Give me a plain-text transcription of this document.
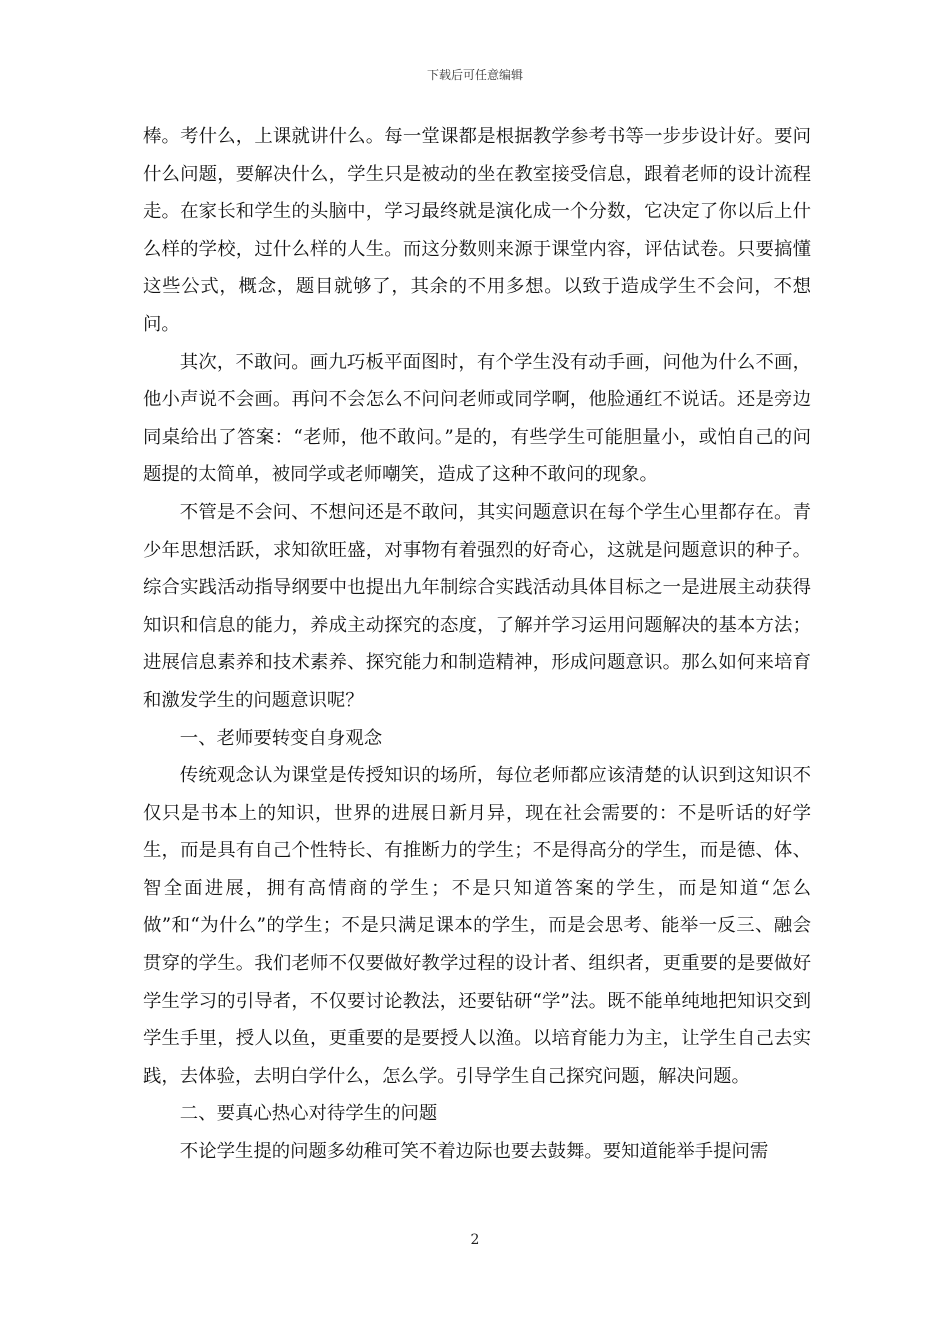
下载后可任意编辑

棒。考什么，上课就讲什么。每一堂课都是根据教学参考书等一步步设计好。要问什么问题，要解决什么，学生只是被动的坐在教室接受信息，跟着老师的设计流程走。在家长和学生的头脑中，学习最终就是演化成一个分数，它决定了你以后上什么样的学校，过什么样的人生。而这分数则来源于课堂内容，评估试卷。只要搞懂这些公式，概念，题目就够了，其余的不用多想。以致于造成学生不会问，不想问。

其次，不敢问。画九巧板平面图时，有个学生没有动手画，问他为什么不画，他小声说不会画。再问不会怎么不问问老师或同学啊，他脸通红不说话。还是旁边同桌给出了答案：“老师，他不敢问。”是的，有些学生可能胆量小，或怕自己的问题提的太简单，被同学或老师嘲笑，造成了这种不敢问的现象。

不管是不会问、不想问还是不敢问，其实问题意识在每个学生心里都存在。青少年思想活跃，求知欲旺盛，对事物有着强烈的好奇心，这就是问题意识的种子。综合实践活动指导纲要中也提出九年制综合实践活动具体目标之一是进展主动获得知识和信息的能力，养成主动探究的态度，了解并学习运用问题解决的基本方法；进展信息素养和技术素养、探究能力和制造精神，形成问题意识。那么如何来培育和激发学生的问题意识呢？

一、老师要转变自身观念

传统观念认为课堂是传授知识的场所，每位老师都应该清楚的认识到这知识不仅只是书本上的知识，世界的进展日新月异，现在社会需要的：不是听话的好学生，而是具有自己个性特长、有推断力的学生；不是得高分的学生，而是德、体、智全面进展，拥有高情商的学生；不是只知道答案的学生，而是知道“怎么做”和“为什么”的学生；不是只满足课本的学生，而是会思考、能举一反三、融会贯穿的学生。我们老师不仅要做好教学过程的设计者、组织者，更重要的是要做好学生学习的引导者，不仅要讨论教法，还要钻研“学”法。既不能单纯地把知识交到学生手里，授人以鱼，更重要的是要授人以渔。以培育能力为主，让学生自己去实践，去体验，去明白学什么，怎么学。引导学生自己探究问题，解决问题。

二、要真心热心对待学生的问题

不论学生提的问题多幼稚可笑不着边际也要去鼓舞。要知道能举手提问需

2
